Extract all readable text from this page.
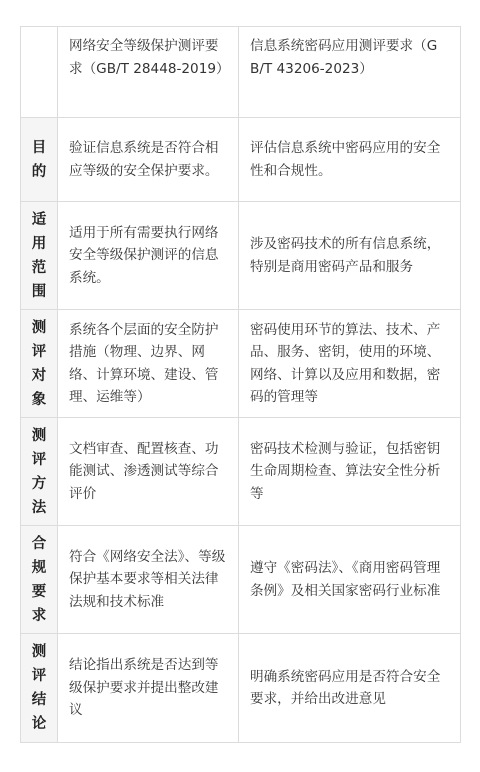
	网络安全等级保护测评要求（GB/T 28448-2019）	信息系统密码应用测评要求（GB/T 43206-2023）
目的	验证信息系统是否符合相应等级的安全保护要求。	评估信息系统中密码应用的安全性和合规性。
适用范围	适用于所有需要执行网络安全等级保护测评的信息系统。	涉及密码技术的所有信息系统，特别是商用密码产品和服务
测评对象	系统各个层面的安全防护措施（物理、边界、网络、计算环境、建设、管理、运维等）	密码使用环节的算法、技术、产品、服务、密钥，使用的环境、网络、计算以及应用和数据，密码的管理等
测评方法	文档审查、配置核查、功能测试、渗透测试等综合评价	密码技术检测与验证，包括密钥生命周期检查、算法安全性分析等
合规要求	符合《网络安全法》、等级保护基本要求等相关法律法规和技术标准	遵守《密码法》、《商用密码管理条例》及相关国家密码行业标准
测评结论	结论指出系统是否达到等级保护要求并提出整改建议	明确系统密码应用是否符合安全要求，并给出改进意见
